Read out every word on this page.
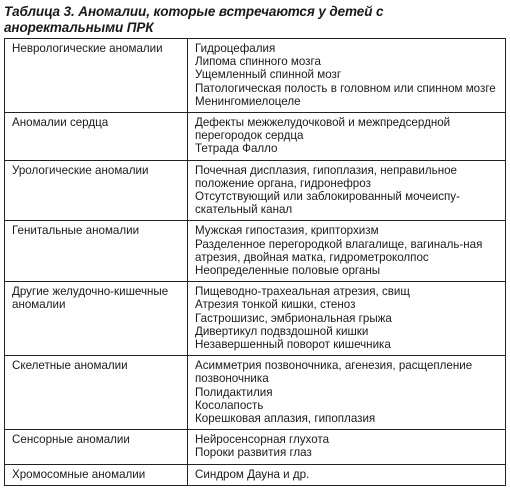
Таблица 3. Аномалии, которые встречаются у детей с аноректальными ПРК
Неврологические аномалии	Гидроцефалия
Липома спинного мозга
Ущемленный спинной мозг
Патологическая полость в головном или спинном мозге
Менингомиелоцеле

Аномалии сердца	Дефекты межжелудочковой и межпредсердной перегородок сердца
Тетрада Фалло

Урологические аномалии	Почечная дисплазия, гипоплазия, неправильное положение органа, гидронефроз
Отсутствующий или заблокированный мочеиспу-скательный канал

Генитальные аномалии	Мужская гипостазия, крипторхизм
Разделенное перегородкой влагалище, вагиналь-ная атрезия, двойная матка, гидрометроколпос
Неопределенные половые органы

Другие желудочно-кишечные аномалии	Пищеводно-трахеальная атрезия, свищ
Атрезия тонкой кишки, стеноз
Гастрошизис, эмбриональная грыжа
Дивертикул подвздошной кишки
Незавершенный поворот кишечника

Скелетные аномалии	Асимметрия позвоночника, агенезия, расщепление позвоночника
Полидактилия
Косолапость
Корешковая аплазия, гипоплазия

Сенсорные аномалии	Нейросенсорная глухота
Пороки развития глаз

Хромосомные аномалии	Синдром Дауна и др.
